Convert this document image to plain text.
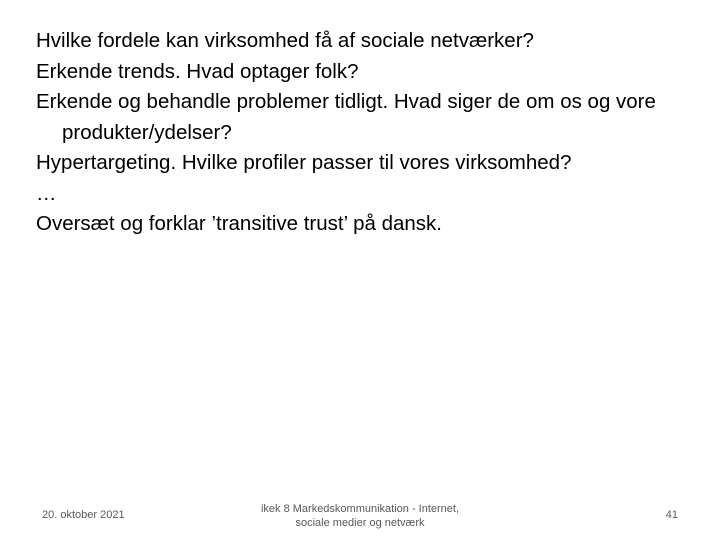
Hvilke fordele kan virksomhed få af sociale netværker?
Erkende trends. Hvad optager folk?
Erkende og behandle problemer tidligt. Hvad siger de om os og vore produkter/ydelser?
Hypertargeting. Hvilke profiler passer til vores virksomhed?
…
Oversæt og forklar ’transitive trust’ på dansk.
20. oktober 2021	ikek 8 Markedskommunikation - Internet,
sociale medier og netværk
41
